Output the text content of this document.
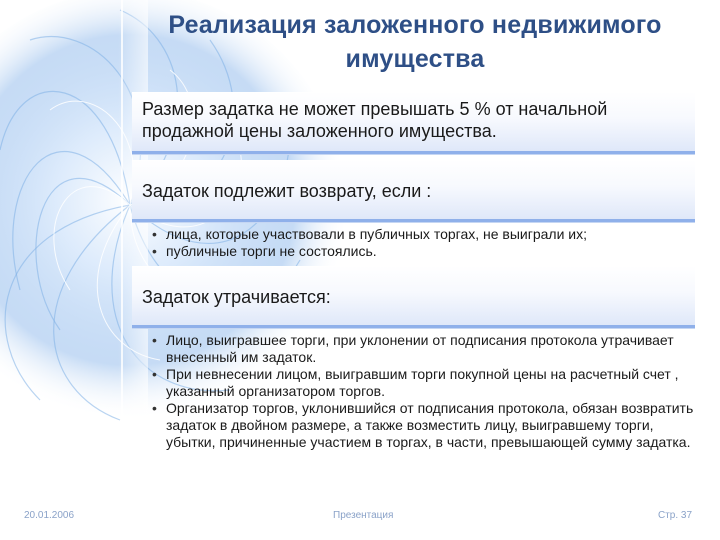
Реализация заложенного недвижимого имущества
Размер задатка не может превышать 5 % от начальной продажной цены заложенного имущества.
Задаток подлежит возврату, если :
• лица, которые участвовали в публичных торгах, не выиграли их;
• публичные торги не состоялись.
Задаток утрачивается:
• Лицо, выигравшее торги, при уклонении от подписания протокола утрачивает внесенный им задаток.
• При невнесении лицом, выигравшим торги покупной цены на расчетный счет , указанный организатором торгов.
• Организатор торгов, уклонившийся от подписания протокола, обязан возвратить задаток в двойном размере, а также возместить лицу, выигравшему торги, убытки, причиненные участием в торгах, в части, превышающей сумму задатка.
20.01.2006	Презентация	Стр. 37
